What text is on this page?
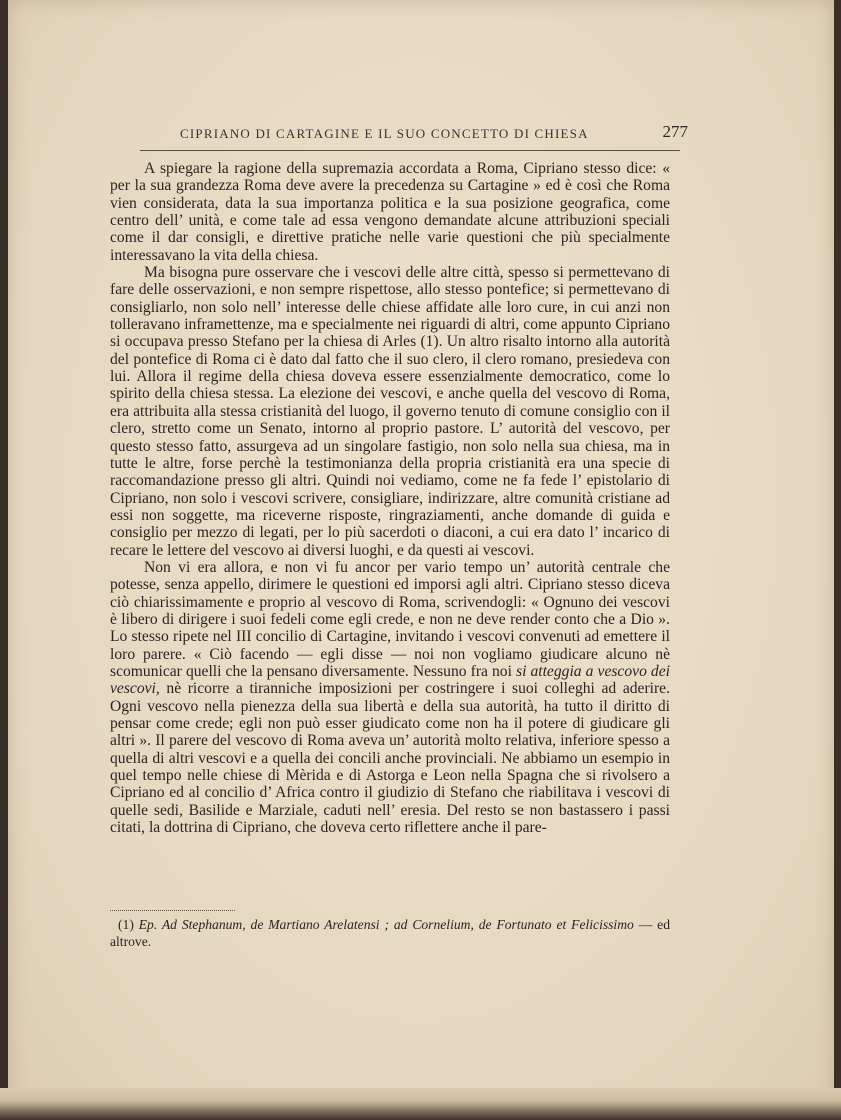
CIPRIANO DI CARTAGINE E IL SUO CONCETTO DI CHIESA	277

A spiegare la ragione della supremazia accordata a Roma, Cipriano stesso dice: « per la sua grandezza Roma deve avere la precedenza su Cartagine » ed è così che Roma vien considerata, data la sua importanza politica e la sua posizione geografica, come centro dell’ unità, e come tale ad essa vengono demandate alcune attribuzioni speciali come il dar consigli, e direttive pratiche nelle varie questioni che più specialmente interessavano la vita della chiesa.

Ma bisogna pure osservare che i vescovi delle altre città, spesso si permettevano di fare delle osservazioni, e non sempre rispettose, allo stesso pontefice; si permettevano di consigliarlo, non solo nell’ interesse delle chiese affidate alle loro cure, in cui anzi non tolleravano inframettenze, ma e specialmente nei riguardi di altri, come appunto Cipriano si occupava presso Stefano per la chiesa di Arles (1). Un altro risalto intorno alla autorità del pontefice di Roma ci è dato dal fatto che il suo clero, il clero romano, presiedeva con lui. Allora il regime della chiesa doveva essere essenzialmente democratico, come lo spirito della chiesa stessa. La elezione dei vescovi, e anche quella del vescovo di Roma, era attribuita alla stessa cristianità del luogo, il governo tenuto di comune consiglio con il clero, stretto come un Senato, intorno al proprio pastore. L’ autorità del vescovo, per questo stesso fatto, assurgeva ad un singolare fastigio, non solo nella sua chiesa, ma in tutte le altre, forse perchè la testimonianza della propria cristianità era una specie di raccomandazione presso gli altri. Quindi noi vediamo, come ne fa fede l’ epistolario di Cipriano, non solo i vescovi scrivere, consigliare, indirizzare, altre comunità cristiane ad essi non soggette, ma riceverne risposte, ringraziamenti, anche domande di guida e consiglio per mezzo di legati, per lo più sacerdoti o diaconi, a cui era dato l’ incarico di recare le lettere del vescovo ai diversi luoghi, e da questi ai vescovi.

Non vi era allora, e non vi fu ancor per vario tempo un’ autorità centrale che potesse, senza appello, dirimere le questioni ed imporsi agli altri. Cipriano stesso diceva ciò chiarissimamente e proprio al vescovo di Roma, scrivendogli: « Ognuno dei vescovi è libero di dirigere i suoi fedeli come egli crede, e non ne deve render conto che a Dio ». Lo stesso ripete nel III concilio di Cartagine, invitando i vescovi convenuti ad emettere il loro parere. « Ciò facendo — egli disse — noi non vogliamo giudicare alcuno nè scomunicar quelli che la pensano diversamente. Nessuno fra noi si atteggia a vescovo dei vescovi, nè ricorre a tiranniche imposizioni per costringere i suoi colleghi ad aderire. Ogni vescovo nella pienezza della sua libertà e della sua autorità, ha tutto il diritto di pensar come crede; egli non può esser giudicato come non ha il potere di giudicare gli altri ». Il parere del vescovo di Roma aveva un’ autorità molto relativa, inferiore spesso a quella di altri vescovi e a quella dei concili anche provinciali. Ne abbiamo un esempio in quel tempo nelle chiese di Mèrida e di Astorga e Leon nella Spagna che si rivolsero a Cipriano ed al concilio d’ Africa contro il giudizio di Stefano che riabilitava i vescovi di quelle sedi, Basilide e Marziale, caduti nell’ eresia. Del resto se non bastassero i passi citati, la dottrina di Cipriano, che doveva certo riflettere anche il pare-

(1) Ep. Ad Stephanum, de Martiano Arelatensi ; ad Cornelium, de Fortunato et Felicissimo — ed altrove.
